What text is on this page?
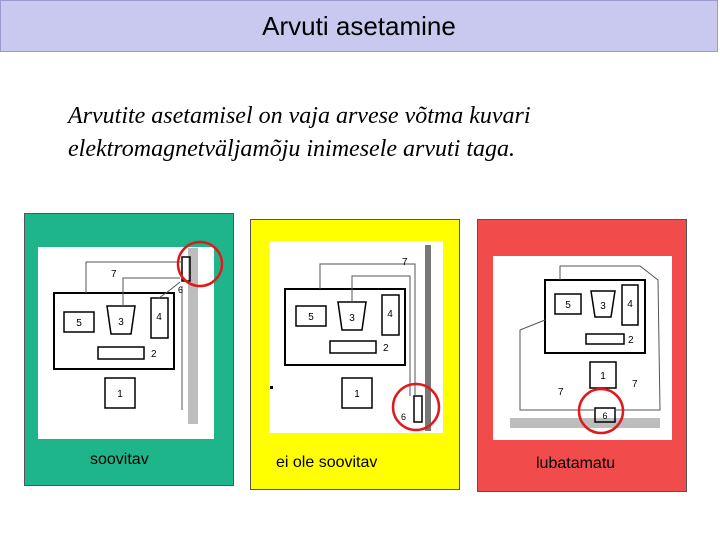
Arvuti asetamine
Arvutite asetamisel on vaja arvese võtma kuvari
elektromagnetväljamõju inimesele arvuti taga.
5	3	4
2
1
7
6
5	3	4
2
1
7
6
5	3 4
2
1
6
7
7
soovitav	ei ole soovitav	lubatamatu
